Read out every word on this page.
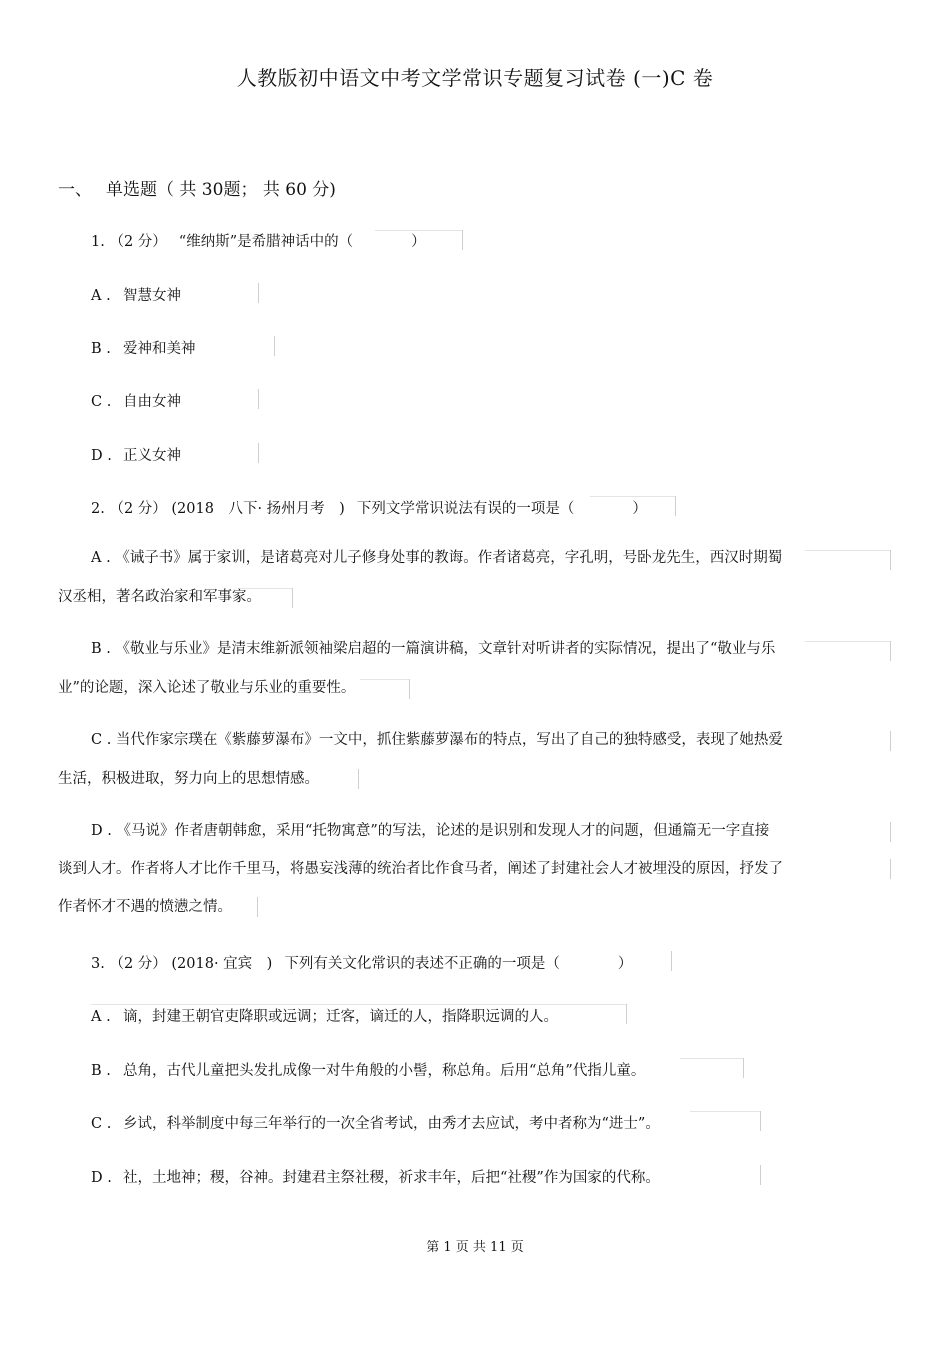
人教版初中语文中考文学常识专题复习试卷 (一)C 卷
一、 单选题（ 共 30题； 共 60 分)
1. （2 分） “维纳斯”是希腊神话中的（　　　　）
A . 智慧女神
B . 爱神和美神
C . 自由女神
D . 正义女神
2. （2 分） (2018　八下· 扬州月考　) 下列文学常识说法有误的一项是（　　　　）
A . 《诫子书》属于家训，是诸葛亮对儿子修身处事的教诲。作者诸葛亮，字孔明，号卧龙先生，西汉时期蜀
汉丞相，著名政治家和军事家。
B . 《敬业与乐业》是清末维新派领袖梁启超的一篇演讲稿，文章针对听讲者的实际情况，提出了“敬业与乐
业”的论题，深入论述了敬业与乐业的重要性。
C . 当代作家宗璞在《紫藤萝瀑布》一文中，抓住紫藤萝瀑布的特点，写出了自己的独特感受，表现了她热爱
生活，积极进取，努力向上的思想情感。
D . 《马说》作者唐朝韩愈，采用“托物寓意”的写法，论述的是识别和发现人才的问题，但通篇无一字直接
谈到人才。作者将人才比作千里马，将愚妄浅薄的统治者比作食马者，阐述了封建社会人才被埋没的原因，抒发了
作者怀才不遇的愤懑之情。
3. （2 分） (2018· 宜宾　) 下列有关文化常识的表述不正确的一项是（　　　　）
A . 谪，封建王朝官吏降职或远调；迁客，谪迁的人，指降职远调的人。
B . 总角，古代儿童把头发扎成像一对牛角般的小髻，称总角。后用“总角”代指儿童。
C . 乡试，科举制度中每三年举行的一次全省考试，由秀才去应试，考中者称为“进士”。
D . 社，土地神；稷，谷神。封建君主祭社稷，祈求丰年，后把“社稷”作为国家的代称。
第 1 页 共 11 页
